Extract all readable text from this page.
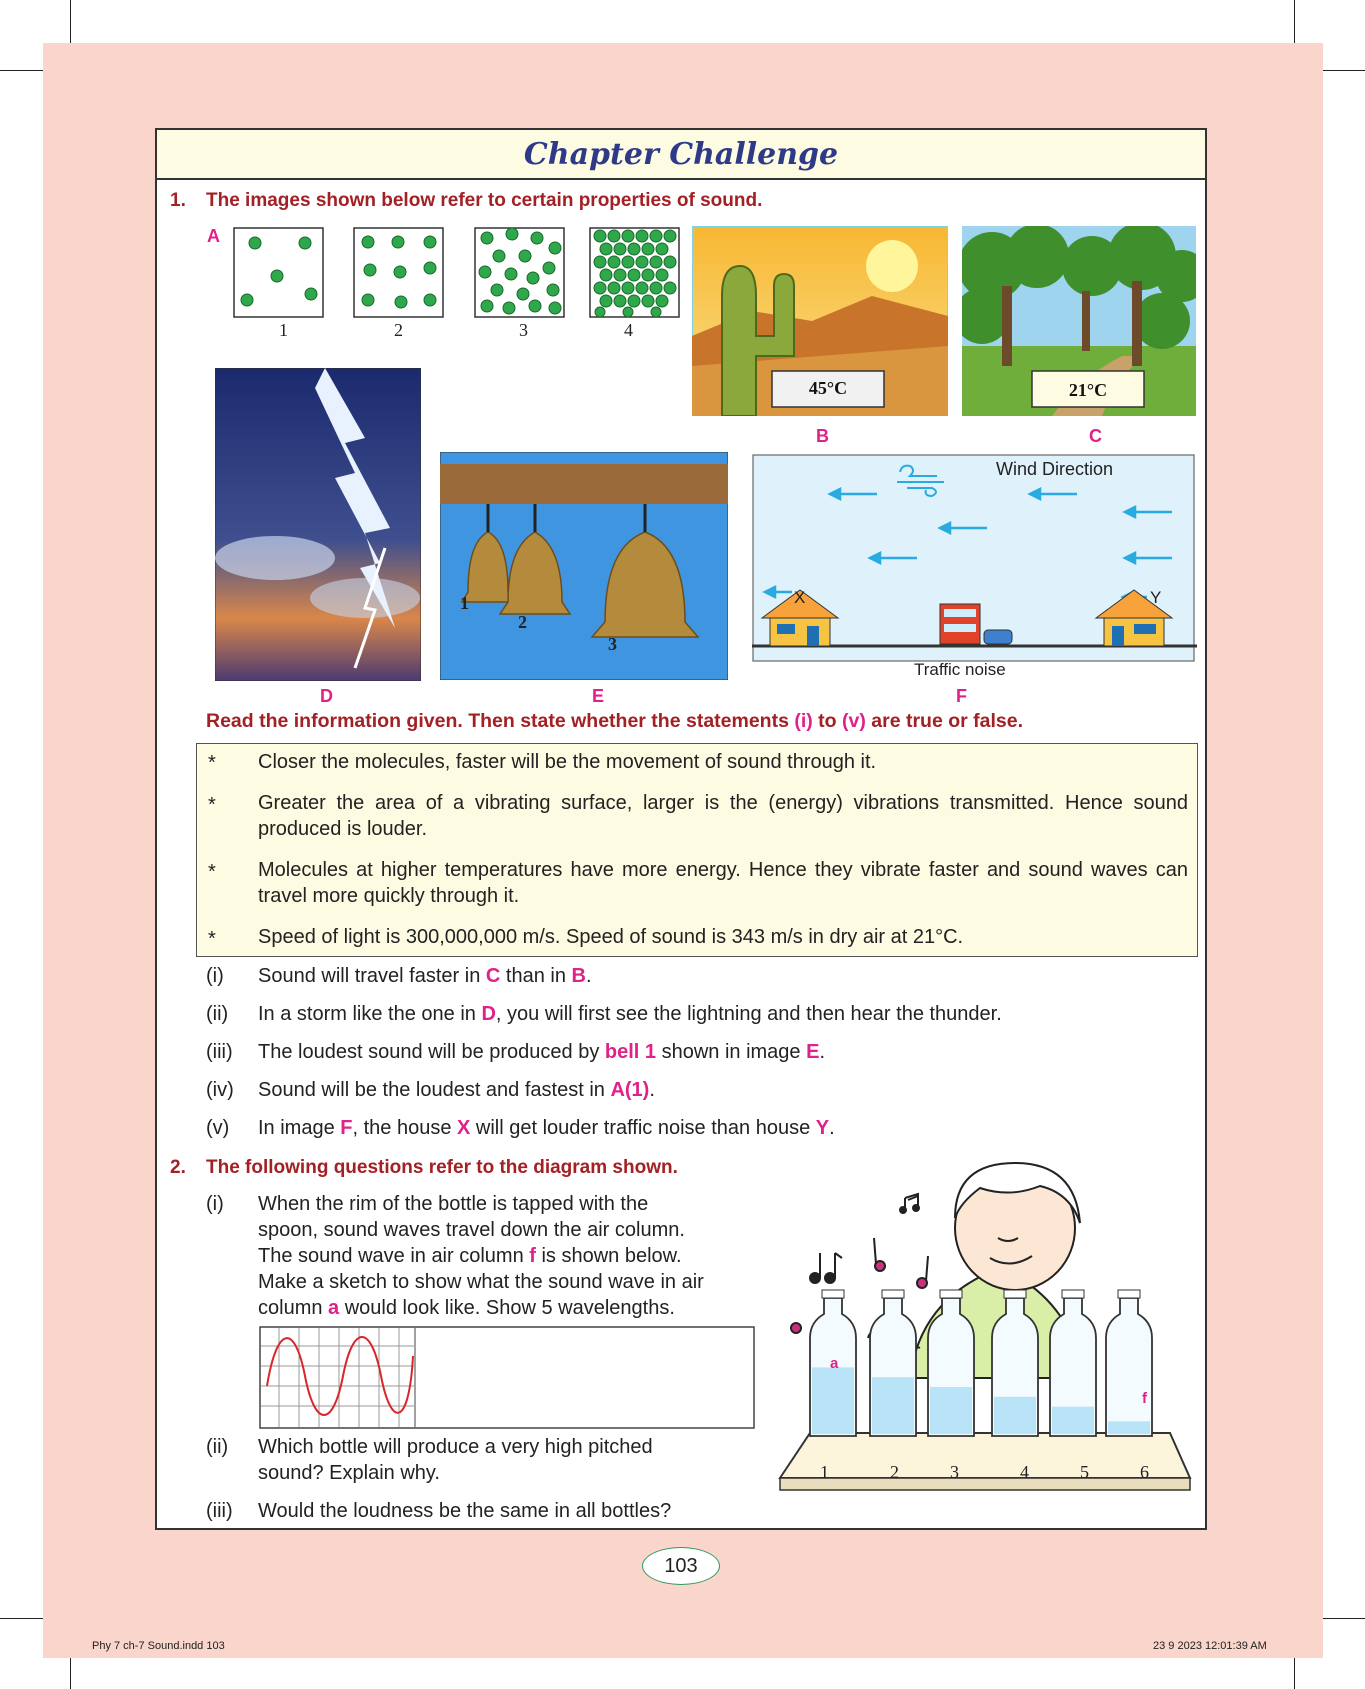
Chapter Challenge
1. The images shown below refer to certain properties of sound.
A
1	2	3	4
45°C
B
21°C
C
D
1
2
3
E
Wind Direction
X	Y
Traffic noise
F
Read the information given. Then state whether the statements (i) to (v) are true or false.
* Closer the molecules, faster will be the movement of sound through it.
* Greater the area of a vibrating surface, larger is the (energy) vibrations transmitted. Hence sound produced is louder.
* Molecules at higher temperatures have more energy. Hence they vibrate faster and sound waves can travel more quickly through it.
* Speed of light is 300,000,000 m/s. Speed of sound is 343 m/s in dry air at 21°C.
(i) Sound will travel faster in C than in B.
(ii) In a storm like the one in D, you will first see the lightning and then hear the thunder.
(iii) The loudest sound will be produced by bell 1 shown in image E.
(iv) Sound will be the loudest and fastest in A(1).
(v) In image F, the house X will get louder traffic noise than house Y.
2. The following questions refer to the diagram shown.
(i) When the rim of the bottle is tapped with the
spoon, sound waves travel down the air column.
The sound wave in air column f is shown below.
Make a sketch to show what the sound wave in air
column a would look like. Show 5 wavelengths.
(ii) Which bottle will produce a very high pitched
sound? Explain why.
(iii) Would the loudness be the same in all bottles?
1	2	3	4	5	6
a
f
103
Phy 7 ch-7 Sound.indd 103	23 9 2023 12:01:39 AM
